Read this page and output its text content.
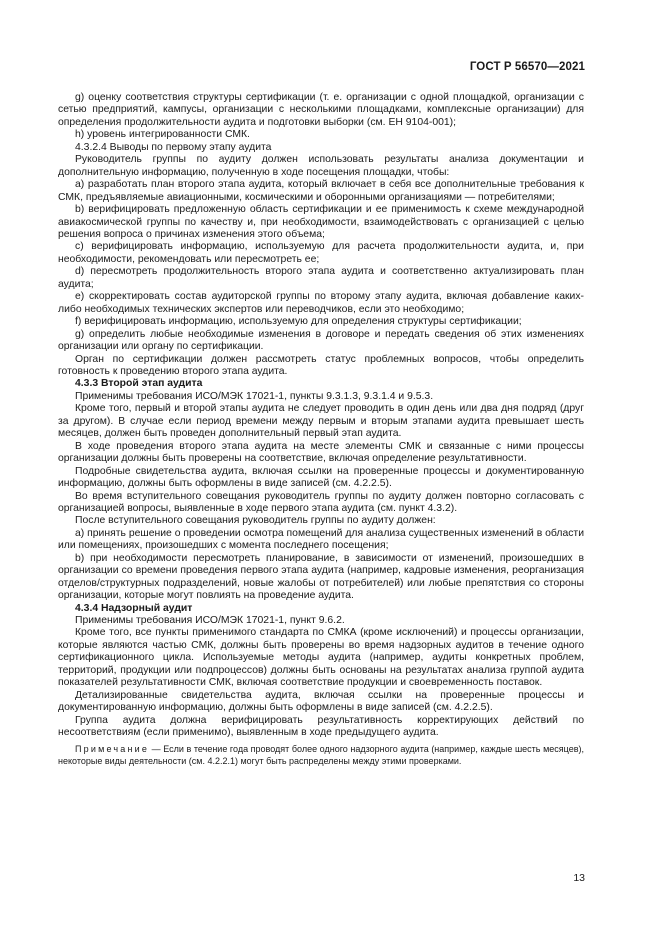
ГОСТ Р 56570—2021

g) оценку соответствия структуры сертификации (т. е. организации с одной площадкой, организации с сетью предприятий, кампусы, организации с несколькими площадками, комплексные организации) для определения продолжительности аудита и подготовки выборки (см. ЕН 9104-001);

h) уровень интегрированности СМК.

4.3.2.4 Выводы по первому этапу аудита

Руководитель группы по аудиту должен использовать результаты анализа документации и дополнительную информацию, полученную в ходе посещения площадки, чтобы:

a) разработать план второго этапа аудита, который включает в себя все дополнительные требования к СМК, предъявляемые авиационными, космическими и оборонными организациями — потребителями;

b) верифицировать предложенную область сертификации и ее применимость к схеме международной авиакосмической группы по качеству и, при необходимости, взаимодействовать с организацией с целью решения вопроса о причинах изменения этого объема;

c) верифицировать информацию, используемую для расчета продолжительности аудита, и, при необходимости, рекомендовать или пересмотреть ее;

d) пересмотреть продолжительность второго этапа аудита и соответственно актуализировать план аудита;

e) скорректировать состав аудиторской группы по второму этапу аудита, включая добавление каких-либо необходимых технических экспертов или переводчиков, если это необходимо;

f) верифицировать информацию, используемую для определения структуры сертификации;

g) определить любые необходимые изменения в договоре и передать сведения об этих изменениях организации или органу по сертификации.

Орган по сертификации должен рассмотреть статус проблемных вопросов, чтобы определить готовность к проведению второго этапа аудита.

4.3.3 Второй этап аудита

Применимы требования ИСО/МЭК 17021-1, пункты 9.3.1.3, 9.3.1.4 и 9.5.3.

Кроме того, первый и второй этапы аудита не следует проводить в один день или два дня подряд (друг за другом). В случае если период времени между первым и вторым этапами аудита превышает шесть месяцев, должен быть проведен дополнительный первый этап аудита.

В ходе проведения второго этапа аудита на месте элементы СМК и связанные с ними процессы организации должны быть проверены на соответствие, включая определение результативности.

Подробные свидетельства аудита, включая ссылки на проверенные процессы и документированную информацию, должны быть оформлены в виде записей (см. 4.2.2.5).

Во время вступительного совещания руководитель группы по аудиту должен повторно согласовать с организацией вопросы, выявленные в ходе первого этапа аудита (см. пункт 4.3.2).

После вступительного совещания руководитель группы по аудиту должен:

a) принять решение о проведении осмотра помещений для анализа существенных изменений в области или помещениях, произошедших с момента последнего посещения;

b) при необходимости пересмотреть планирование, в зависимости от изменений, произошедших в организации со времени проведения первого этапа аудита (например, кадровые изменения, реорганизация отделов/структурных подразделений, новые жалобы от потребителей) или любые препятствия со стороны организации, которые могут повлиять на проведение аудита.

4.3.4 Надзорный аудит

Применимы требования ИСО/МЭК 17021-1, пункт 9.6.2.

Кроме того, все пункты применимого стандарта по СМКА (кроме исключений) и процессы организации, которые являются частью СМК, должны быть проверены во время надзорных аудитов в течение одного сертификационного цикла. Используемые методы аудита (например, аудиты конкретных проблем, территорий, продукции или подпроцессов) должны быть основаны на результатах анализа группой аудита показателей результативности СМК, включая соответствие продукции и своевременность поставок.

Детализированные свидетельства аудита, включая ссылки на проверенные процессы и документированную информацию, должны быть оформлены в виде записей (см. 4.2.2.5).

Группа аудита должна верифицировать результативность корректирующих действий по несоответствиям (если применимо), выявленным в ходе предыдущего аудита.

Примечание — Если в течение года проводят более одного надзорного аудита (например, каждые шесть месяцев), некоторые виды деятельности (см. 4.2.2.1) могут быть распределены между этими проверками.

13
